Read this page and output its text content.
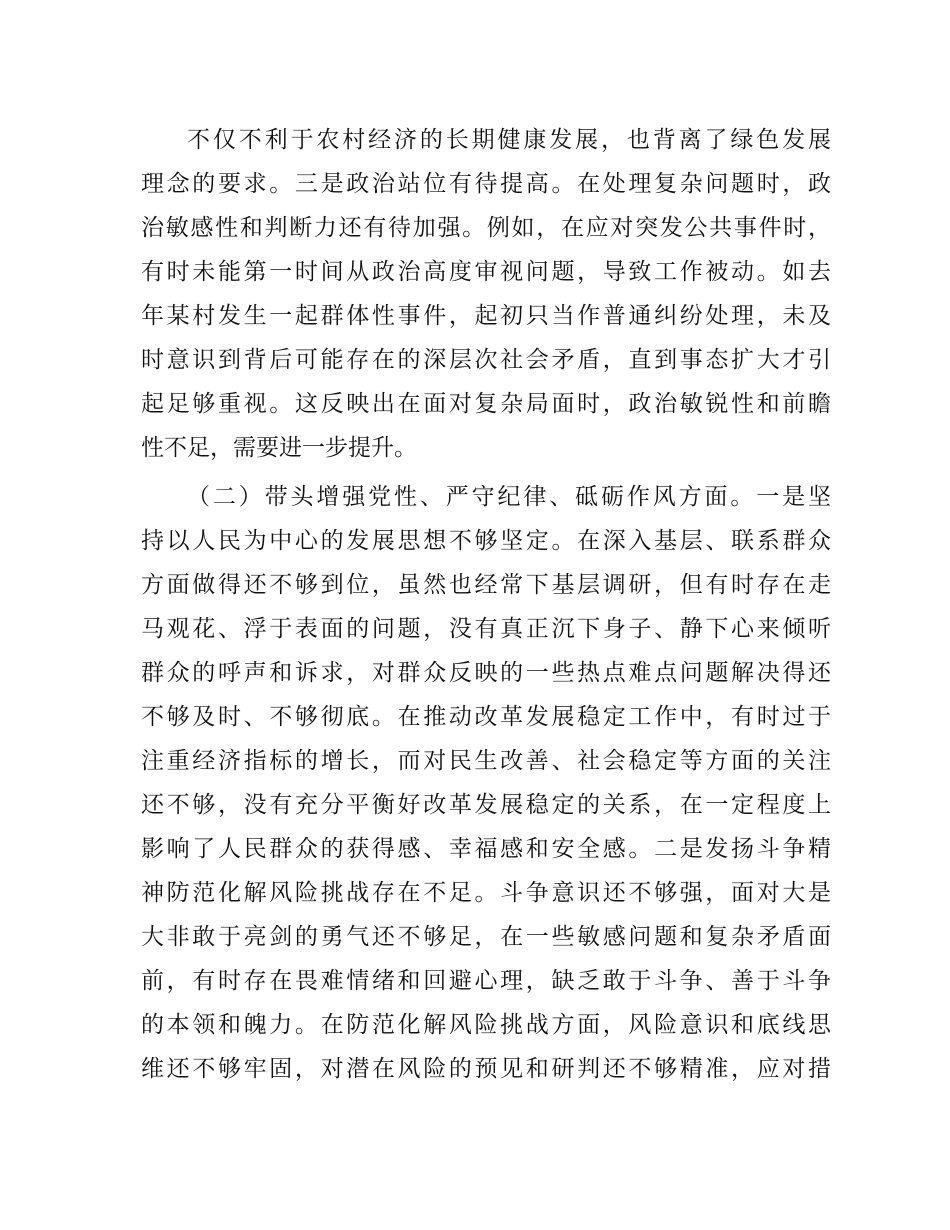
不仅不利于农村经济的长期健康发展，也背离了绿色发展
理念的要求。三是政治站位有待提高。在处理复杂问题时，政
治敏感性和判断力还有待加强。例如，在应对突发公共事件时，
有时未能第一时间从政治高度审视问题，导致工作被动。如去
年某村发生一起群体性事件，起初只当作普通纠纷处理，未及
时意识到背后可能存在的深层次社会矛盾，直到事态扩大才引
起足够重视。这反映出在面对复杂局面时，政治敏锐性和前瞻
性不足，需要进一步提升。
（二）带头增强党性、严守纪律、砥砺作风方面。一是坚
持以人民为中心的发展思想不够坚定。在深入基层、联系群众
方面做得还不够到位，虽然也经常下基层调研，但有时存在走
马观花、浮于表面的问题，没有真正沉下身子、静下心来倾听
群众的呼声和诉求，对群众反映的一些热点难点问题解决得还
不够及时、不够彻底。在推动改革发展稳定工作中，有时过于
注重经济指标的增长，而对民生改善、社会稳定等方面的关注
还不够，没有充分平衡好改革发展稳定的关系，在一定程度上
影响了人民群众的获得感、幸福感和安全感。二是发扬斗争精
神防范化解风险挑战存在不足。斗争意识还不够强，面对大是
大非敢于亮剑的勇气还不够足，在一些敏感问题和复杂矛盾面
前，有时存在畏难情绪和回避心理，缺乏敢于斗争、善于斗争
的本领和魄力。在防范化解风险挑战方面，风险意识和底线思
维还不够牢固，对潜在风险的预见和研判还不够精准，应对措
